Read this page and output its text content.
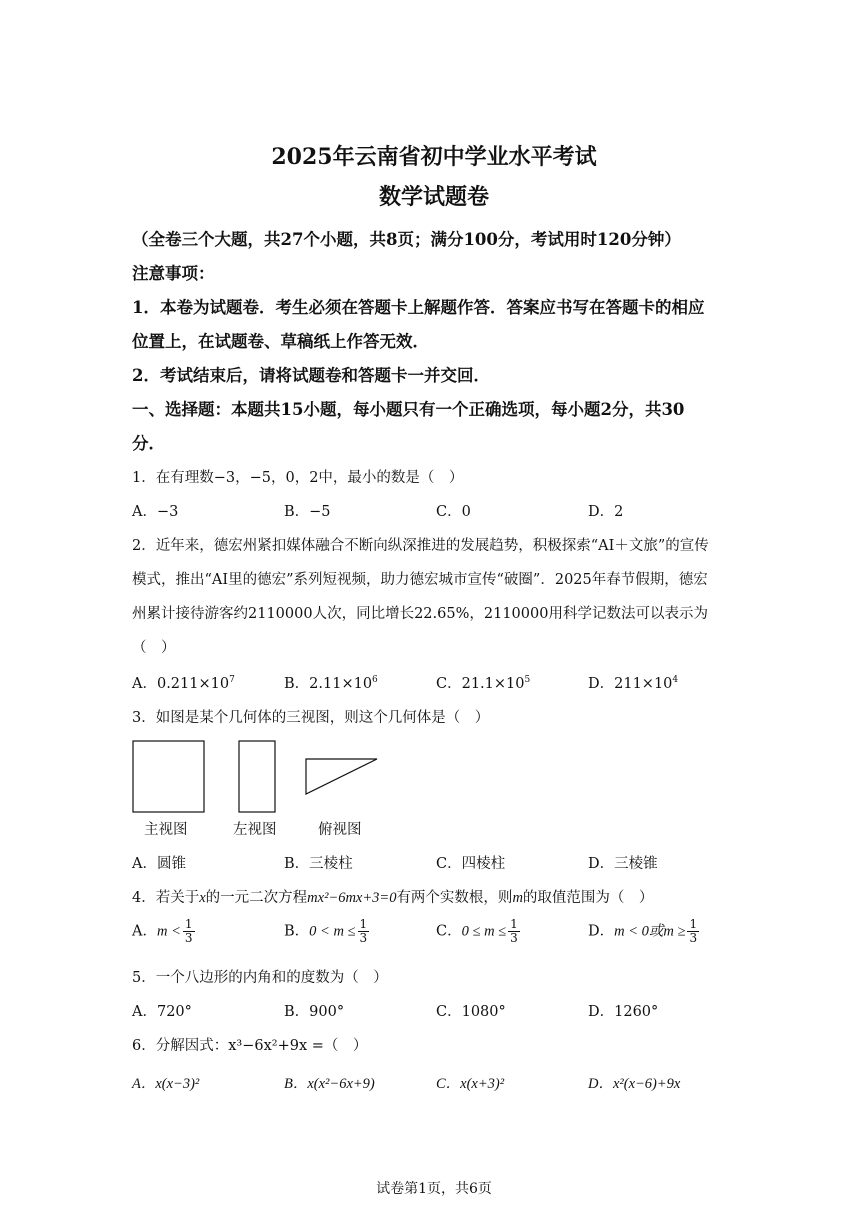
2025年云南省初中学业水平考试
数学试题卷
（全卷三个大题，共27个小题，共8页；满分100分，考试用时120分钟）
注意事项：
1．本卷为试题卷．考生必须在答题卡上解题作答．答案应书写在答题卡的相应
位置上，在试题卷、草稿纸上作答无效．
2．考试结束后，请将试题卷和答题卡一并交回．
一、选择题：本题共15小题，每小题只有一个正确选项，每小题2分，共30
分．
1．在有理数−3，−5，0，2中，最小的数是（　）
A．−3	B．−5	C．0	D．2
2．近年来，德宏州紧扣媒体融合不断向纵深推进的发展趋势，积极探索“AI＋文旅”的宣传
模式，推出“AI里的德宏”系列短视频，助力德宏城市宣传“破圈”．2025年春节假期，德宏
州累计接待游客约2110000人次，同比增长22.65%，2110000用科学记数法可以表示为
（　）
A．$0.211\times 10^7$	B．$2.11\times 10^6$	C．$21.1\times 10^5$	D．$211\times 10^4$
3．如图是某个几何体的三视图，则这个几何体是（　）
主视图	左视图	俯视图
A．圆锥	B．三棱柱	C．四棱柱	D．三棱锥
4．若关于x的一元二次方程mx²−6mx+3=0有两个实数根，则m的取值范围为（　）
A．$m < \frac{1}{3}$	B．$0 < m \le \frac{1}{3}$	C．$0 \le m \le \frac{1}{3}$	D．m < 0或$m \ge \frac{1}{3}$
5．一个八边形的内角和的度数为（　）
A．720°	B．900°	C．1080°	D．1260°
6．分解因式：x³−6x²+9x =（　）
A．x(x−3)²	B．x(x²−6x+9)	C．x(x+3)²	D．x²(x−6)+9x
试卷第1页，共6页
